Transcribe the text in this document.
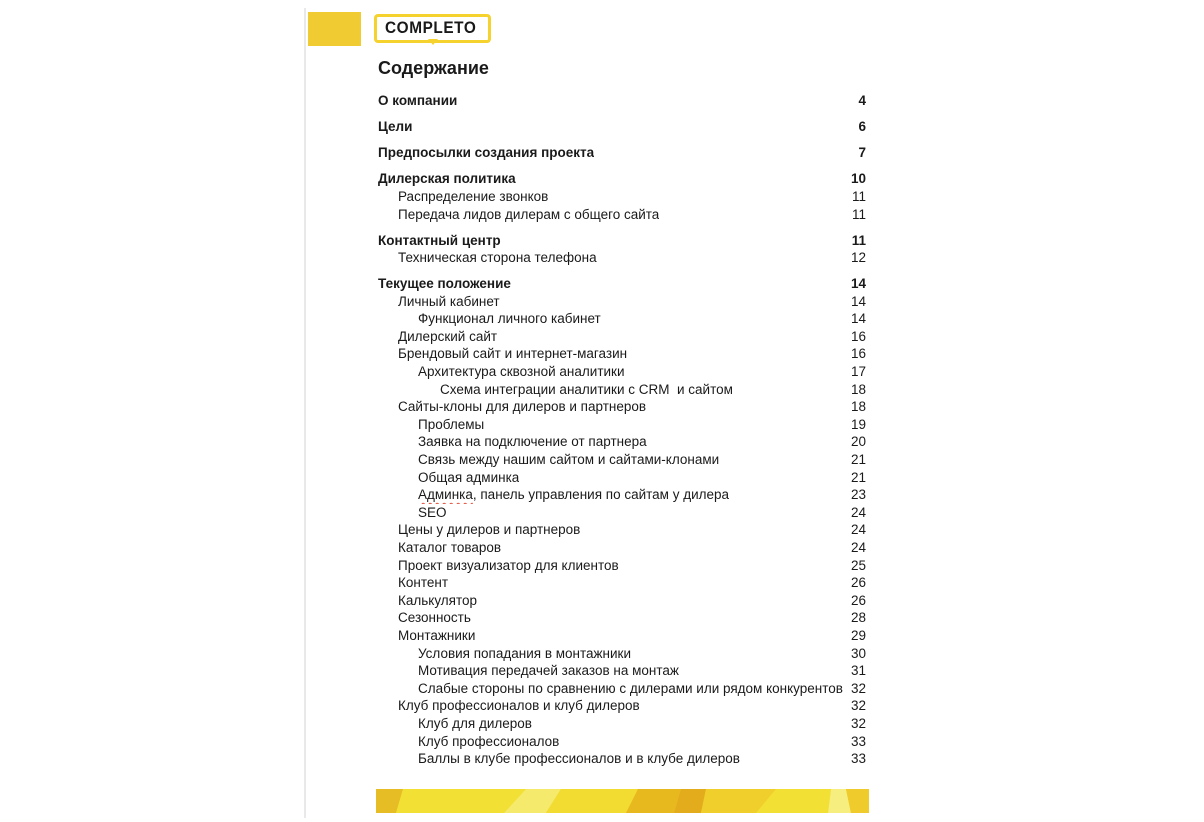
COMPLETO
Содержание
О компании	4
Цели	6
Предпосылки создания проекта	7
Дилерская политика	10
Распределение звонков	11
Передача лидов дилерам с общего сайта	11
Контактный центр	11
Техническая сторона телефона	12
Текущее положение	14
Личный кабинет	14
Функционал личного кабинет	14
Дилерский сайт	16
Брендовый сайт и интернет-магазин	16
Архитектура сквозной аналитики	17
Схема интеграции аналитики с CRM  и сайтом	18
Сайты-клоны для дилеров и партнеров	18
Проблемы	19
Заявка на подключение от партнера	20
Связь между нашим сайтом и сайтами-клонами	21
Общая админка	21
Админка, панель управления по сайтам у дилера	23
SEO	24
Цены у дилеров и партнеров	24
Каталог товаров	24
Проект визуализатор для клиентов	25
Контент	26
Калькулятор	26
Сезонность	28
Монтажники	29
Условия попадания в монтажники	30
Мотивация передачей заказов на монтаж	31
Слабые стороны по сравнению с дилерами или рядом конкурентов 32
Клуб профессионалов и клуб дилеров	32
Клуб для дилеров	32
Клуб профессионалов	33
Баллы в клубе профессионалов и в клубе дилеров	33
